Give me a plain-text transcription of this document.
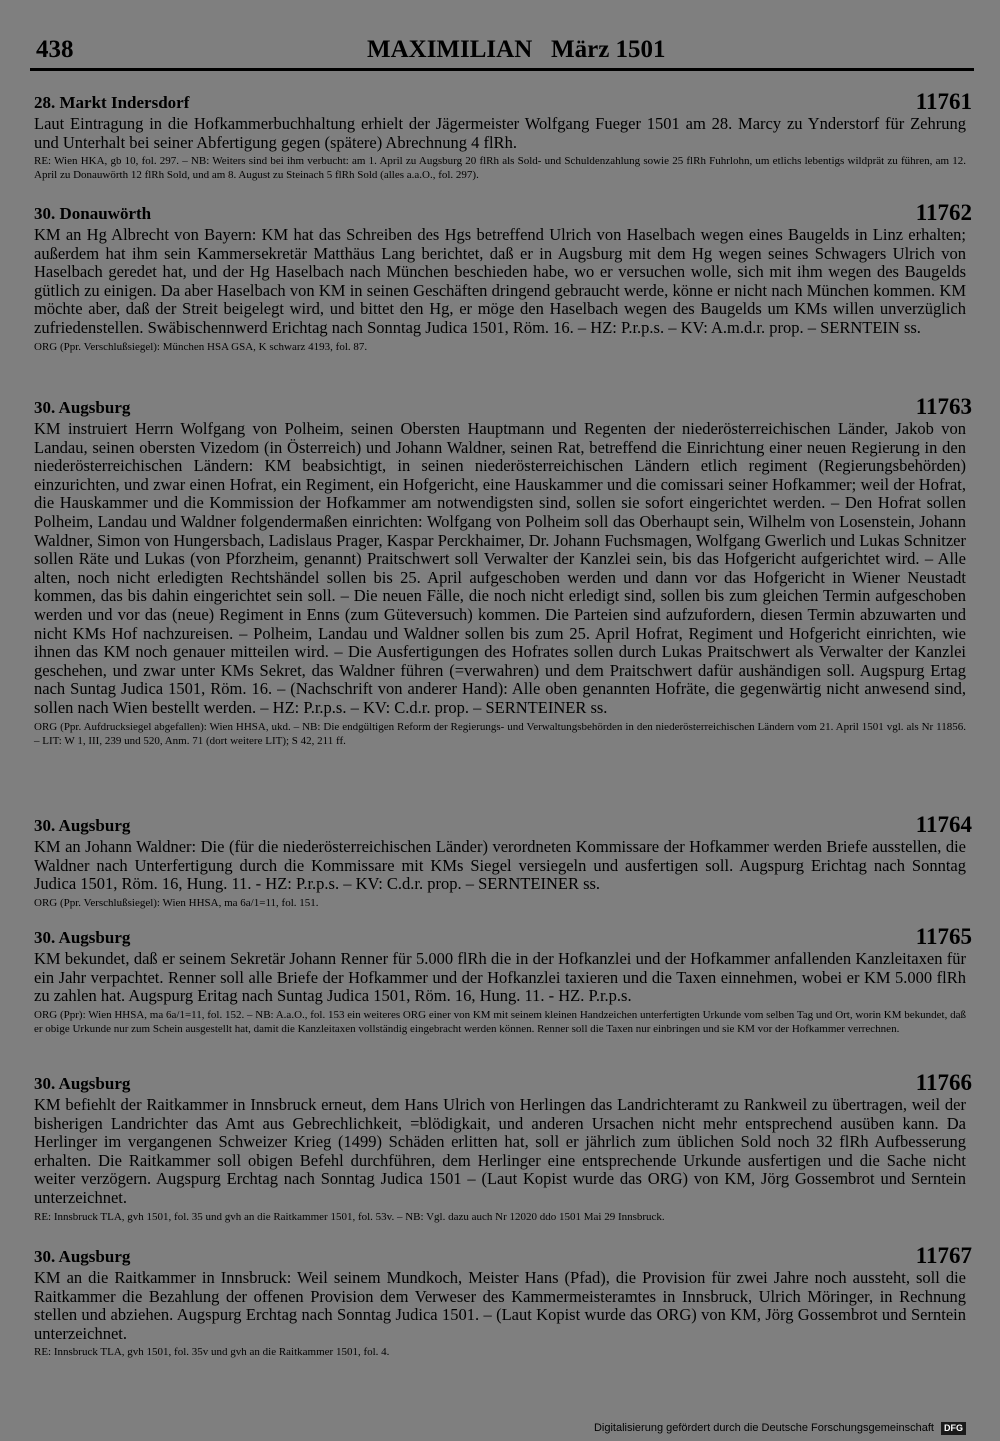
438	MAXIMILIAN   März 1501
28. Markt Indersdorf	11761
Laut Eintragung in die Hofkammerbuchhaltung erhielt der Jägermeister Wolfgang Fueger 1501 am 28. Marcy zu Ynderstorf für Zehrung und Unterhalt bei seiner Abfertigung gegen (spätere) Abrechnung 4 flRh.
RE: Wien HKA, gb 10, fol. 297. – NB: Weiters sind bei ihm verbucht: am 1. April zu Augsburg 20 flRh als Sold- und Schuldenzahlung sowie 25 flRh Fuhrlohn, um etlichs lebentigs wildprät zu führen, am 12. April zu Donauwörth 12 flRh Sold, und am 8. August zu Steinach 5 flRh Sold (alles a.a.O., fol. 297).
30. Donauwörth	11762
KM an Hg Albrecht von Bayern: KM hat das Schreiben des Hgs betreffend Ulrich von Haselbach wegen eines Baugelds in Linz erhalten; außerdem hat ihm sein Kammersekretär Matthäus Lang berichtet, daß er in Augsburg mit dem Hg wegen seines Schwagers Ulrich von Haselbach geredet hat, und der Hg Haselbach nach München beschieden habe, wo er versuchen wolle, sich mit ihm wegen des Baugelds gütlich zu einigen. Da aber Haselbach von KM in seinen Geschäften dringend gebraucht werde, könne er nicht nach München kommen. KM möchte aber, daß der Streit beigelegt wird, und bittet den Hg, er möge den Haselbach wegen des Baugelds um KMs willen unverzüglich zufriedenstellen. Swäbischennwerd Erichtag nach Sonntag Judica 1501, Röm. 16. – HZ: P.r.p.s. – KV: A.m.d.r. prop. – SERNTEIN ss.
ORG (Ppr. Verschlußsiegel): München HSA GSA, K schwarz 4193, fol. 87.
30. Augsburg	11763
KM instruiert Herrn Wolfgang von Polheim, seinen Obersten Hauptmann und Regenten der niederösterreichischen Länder, Jakob von Landau, seinen obersten Vizedom (in Österreich) und Johann Waldner, seinen Rat, betreffend die Einrichtung einer neuen Regierung in den niederösterreichischen Ländern: KM beabsichtigt, in seinen niederösterreichischen Ländern etlich regiment (Regierungsbehörden) einzurichten, und zwar einen Hofrat, ein Regiment, ein Hofgericht, eine Hauskammer und die comissari seiner Hofkammer; weil der Hofrat, die Hauskammer und die Kommission der Hofkammer am notwendigsten sind, sollen sie sofort eingerichtet werden. – Den Hofrat sollen Polheim, Landau und Waldner folgendermaßen einrichten: Wolfgang von Polheim soll das Oberhaupt sein, Wilhelm von Losenstein, Johann Waldner, Simon von Hungersbach, Ladislaus Prager, Kaspar Perckhaimer, Dr. Johann Fuchsmagen, Wolfgang Gwerlich und Lukas Schnitzer sollen Räte und Lukas (von Pforzheim, genannt) Praitschwert soll Verwalter der Kanzlei sein, bis das Hofgericht aufgerichtet wird. – Alle alten, noch nicht erledigten Rechtshändel sollen bis 25. April aufgeschoben werden und dann vor das Hofgericht in Wiener Neustadt kommen, das bis dahin eingerichtet sein soll. – Die neuen Fälle, die noch nicht erledigt sind, sollen bis zum gleichen Termin aufgeschoben werden und vor das (neue) Regiment in Enns (zum Güteversuch) kommen. Die Parteien sind aufzufordern, diesen Termin abzuwarten und nicht KMs Hof nachzureisen. – Polheim, Landau und Waldner sollen bis zum 25. April Hofrat, Regiment und Hofgericht einrichten, wie ihnen das KM noch genauer mitteilen wird. – Die Ausfertigungen des Hofrates sollen durch Lukas Praitschwert als Verwalter der Kanzlei geschehen, und zwar unter KMs Sekret, das Waldner führen (=verwahren) und dem Praitschwert dafür aushändigen soll. Augspurg Ertag nach Suntag Judica 1501, Röm. 16. – (Nachschrift von anderer Hand): Alle oben genannten Hofräte, die gegenwärtig nicht anwesend sind, sollen nach Wien bestellt werden. – HZ: P.r.p.s. – KV: C.d.r. prop. – SERNTEINER ss.
ORG (Ppr. Aufdrucksiegel abgefallen): Wien HHSA, ukd. – NB: Die endgültigen Reform der Regierungs- und Verwaltungsbehörden in den niederösterreichischen Ländern vom 21. April 1501 vgl. als Nr 11856. – LIT: W 1, III, 239 und 520, Anm. 71 (dort weitere LIT); S 42, 211 ff.
30. Augsburg	11764
KM an Johann Waldner: Die (für die niederösterreichischen Länder) verordneten Kommissare der Hofkammer werden Briefe ausstellen, die Waldner nach Unterfertigung durch die Kommissare mit KMs Siegel versiegeln und ausfertigen soll. Augspurg Erichtag nach Sonntag Judica 1501, Röm. 16, Hung. 11. - HZ: P.r.p.s. – KV: C.d.r. prop. – SERNTEINER ss.
ORG (Ppr. Verschlußsiegel): Wien HHSA, ma 6a/1=11, fol. 151.
30. Augsburg	11765
KM bekundet, daß er seinem Sekretär Johann Renner für 5.000 flRh die in der Hofkanzlei und der Hofkammer anfallenden Kanzleitaxen für ein Jahr verpachtet. Renner soll alle Briefe der Hofkammer und der Hofkanzlei taxieren und die Taxen einnehmen, wobei er KM 5.000 flRh zu zahlen hat. Augspurg Eritag nach Suntag Judica 1501, Röm. 16, Hung. 11. - HZ. P.r.p.s.
ORG (Ppr): Wien HHSA, ma 6a/1=11, fol. 152. – NB: A.a.O., fol. 153 ein weiteres ORG einer von KM mit seinem kleinen Handzeichen unterfertigten Urkunde vom selben Tag und Ort, worin KM bekundet, daß er obige Urkunde nur zum Schein ausgestellt hat, damit die Kanzleitaxen vollständig eingebracht werden können. Renner soll die Taxen nur einbringen und sie KM vor der Hofkammer verrechnen.
30. Augsburg	11766
KM befiehlt der Raitkammer in Innsbruck erneut, dem Hans Ulrich von Herlingen das Landrichteramt zu Rankweil zu übertragen, weil der bisherigen Landrichter das Amt aus Gebrechlichkeit, =blödigkait, und anderen Ursachen nicht mehr entsprechend ausüben kann. Da Herlinger im vergangenen Schweizer Krieg (1499) Schäden erlitten hat, soll er jährlich zum üblichen Sold noch 32 flRh Aufbesserung erhalten. Die Raitkammer soll obigen Befehl durchführen, dem Herlinger eine entsprechende Urkunde ausfertigen und die Sache nicht weiter verzögern. Augspurg Erchtag nach Sonntag Judica 1501 – (Laut Kopist wurde das ORG) von KM, Jörg Gossembrot und Serntein unterzeichnet.
RE: Innsbruck TLA, gvh 1501, fol. 35 und gvh an die Raitkammer 1501, fol. 53v. – NB: Vgl. dazu auch Nr 12020 ddo 1501 Mai 29 Innsbruck.
30. Augsburg	11767
KM an die Raitkammer in Innsbruck: Weil seinem Mundkoch, Meister Hans (Pfad), die Provision für zwei Jahre noch aussteht, soll die Raitkammer die Bezahlung der offenen Provision dem Verweser des Kammermeisteramtes in Innsbruck, Ulrich Möringer, in Rechnung stellen und abziehen. Augspurg Erchtag nach Sonntag Judica 1501. – (Laut Kopist wurde das ORG) von KM, Jörg Gossembrot und Serntein unterzeichnet.
RE: Innsbruck TLA, gvh 1501, fol. 35v und gvh an die Raitkammer 1501, fol. 4.
Digitalisierung gefördert durch die Deutsche Forschungsgemeinschaft DFG
